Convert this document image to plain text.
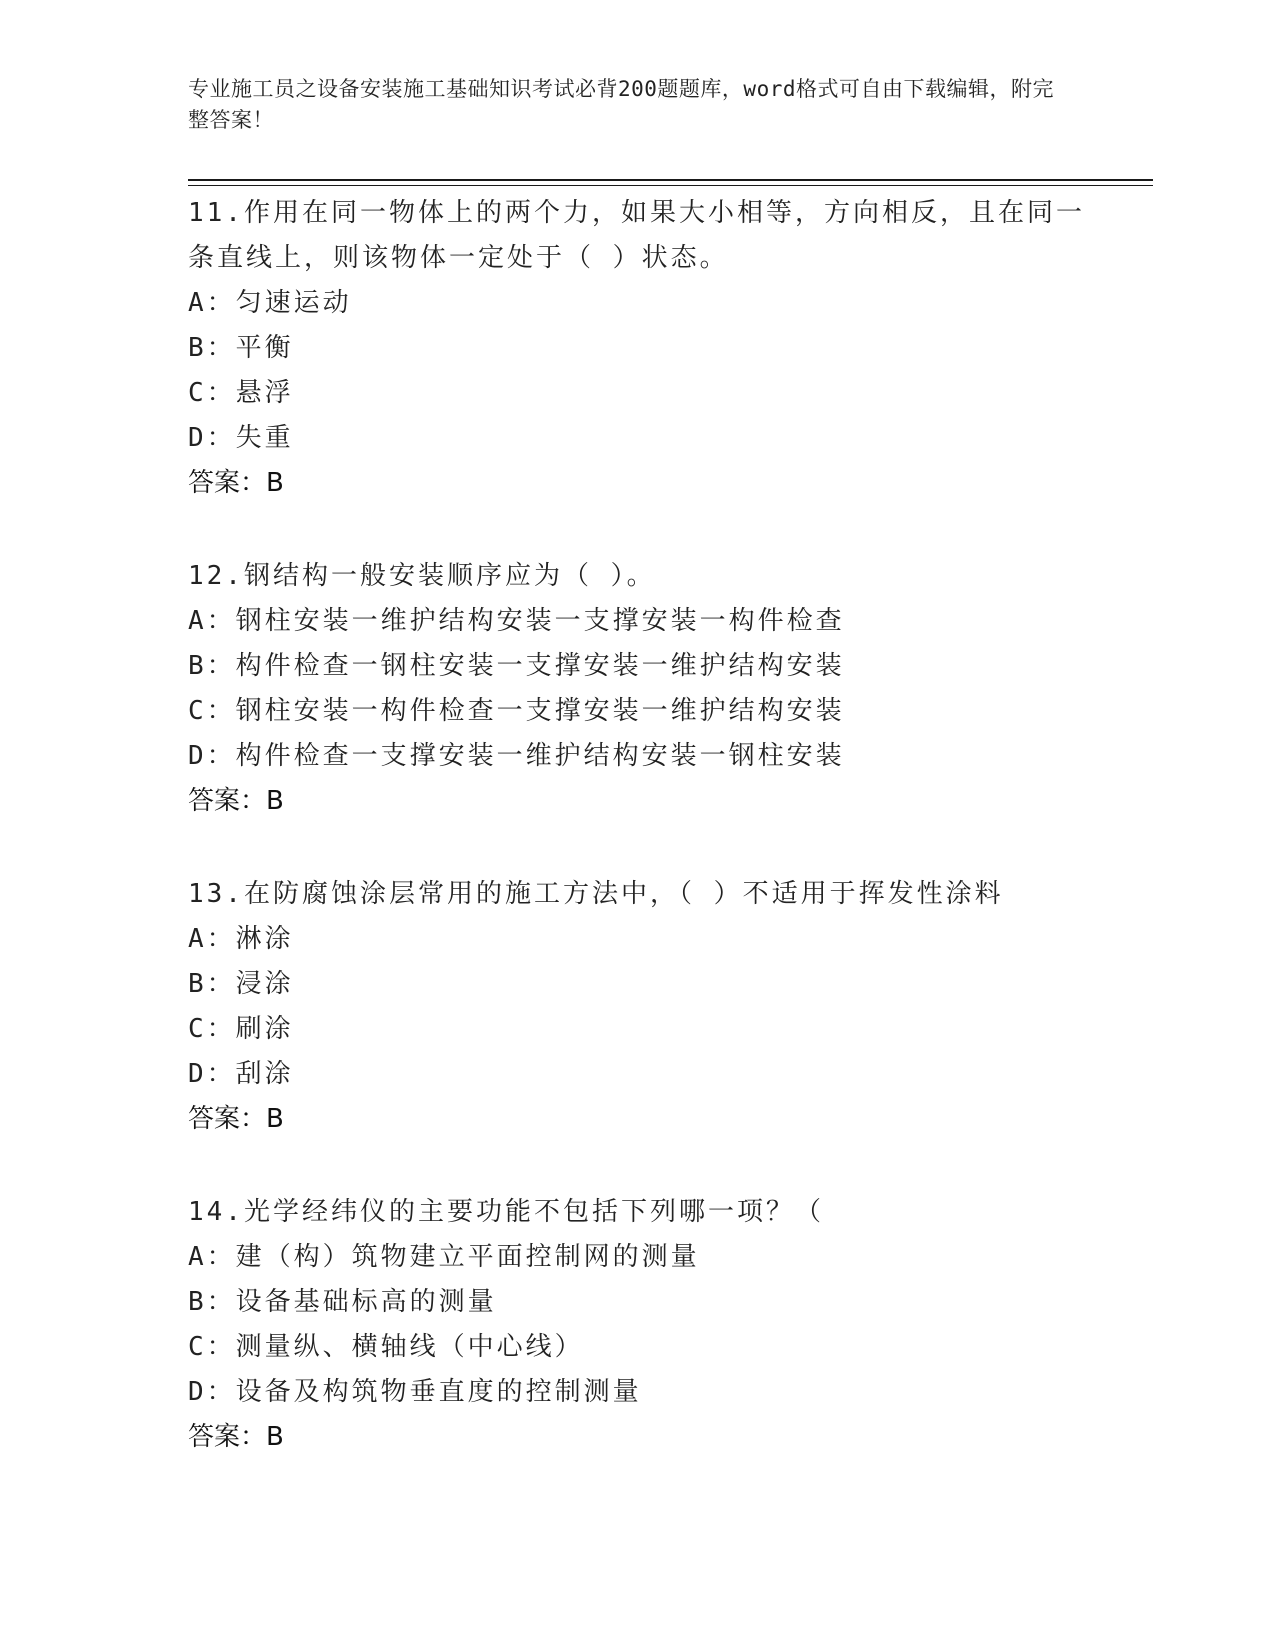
专业施工员之设备安装施工基础知识考试必背200题题库，word格式可自由下载编辑，附完整答案！

11.作用在同一物体上的两个力，如果大小相等，方向相反，且在同一条直线上，则该物体一定处于（ ）状态。

A：匀速运动

B：平衡

C：悬浮

D：失重

答案：B

12.钢结构一般安装顺序应为（ ）。

A：钢柱安装一维护结构安装一支撑安装一构件检查

B：构件检查一钢柱安装一支撑安装一维护结构安装

C：钢柱安装一构件检查一支撑安装一维护结构安装

D：构件检查一支撑安装一维护结构安装一钢柱安装

答案：B

13.在防腐蚀涂层常用的施工方法中，（ ）不适用于挥发性涂料

A：淋涂

B：浸涂

C：刷涂

D：刮涂

答案：B

14.光学经纬仪的主要功能不包括下列哪一项？（

A：建（构）筑物建立平面控制网的测量

B：设备基础标高的测量

C：测量纵、横轴线（中心线）

D：设备及构筑物垂直度的控制测量

答案：B
